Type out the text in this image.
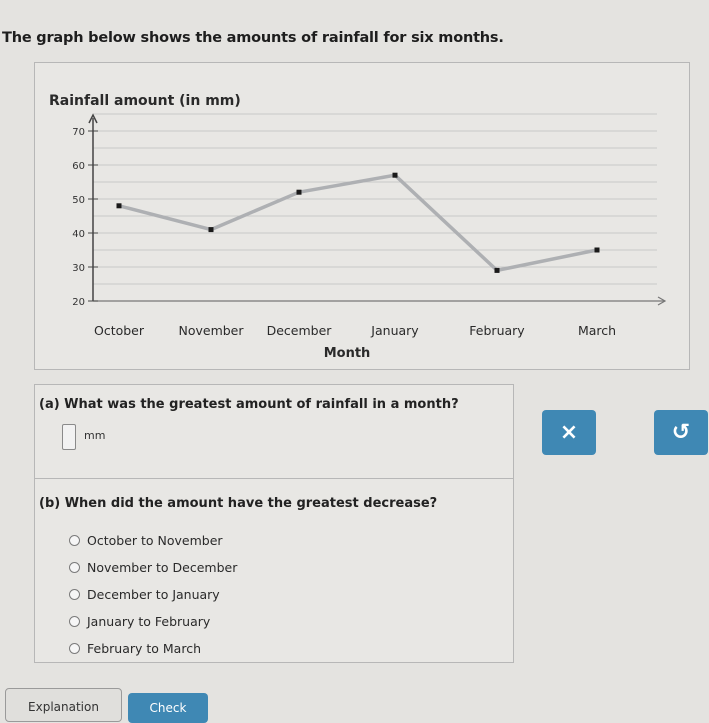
The graph below shows the amounts of rainfall for six months.
Rainfall amount (in mm)
Month
20
30
40
50
60
70
October	November December	January	February	March
(a) What was the greatest amount of rainfall in a month?
mm
(b) When did the amount have the greatest decrease?
October to November
November to December
December to January
January to February
February to March
×	↺
Explanation	Check
